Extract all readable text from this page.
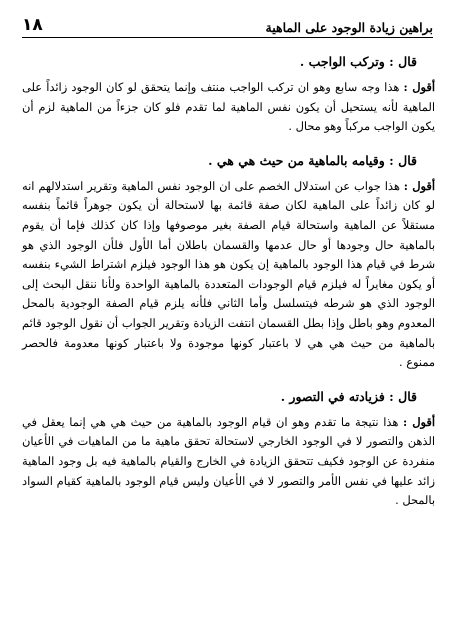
١٨	براهين زيادة الوجود على الماهية
قال : وتركب الواجب .

أقول : هذا وجه سابع وهو ان تركب الواجب منتف وإنما يتحقق لو كان الوجود زائداً على الماهية لأنه يستحيل أن يكون نفس الماهية لما تقدم فلو كان جزءاً من الماهية لزم أن يكون الواجب مركباً وهو محال .

قال : وقيامه بالماهية من حيث هي هي .

أقول : هذا جواب عن استدلال الخصم على ان الوجود نفس الماهية وتقرير استدلالهم انه لو كان زائداً على الماهية لكان صفة قائمة بها لاستحالة أن يكون جوهراً قائماً بنفسه مستقلاً عن الماهية واستحالة قيام الصفة بغير موصوفها وإذا كان كذلك فإما أن يقوم بالماهية حال وجودها أو حال عدمها والقسمان باطلان أما الأول فلأن الوجود الذي هو شرط في قيام هذا الوجود بالماهية إن يكون هو هذا الوجود فيلزم اشتراط الشيء بنفسه أو يكون مغايراً له فيلزم قيام الوجودات المتعددة بالماهية الواحدة ولأنا ننقل البحث إلى الوجود الذي هو شرطه فيتسلسل وأما الثاني فلأنه يلزم قيام الصفة الوجودية بالمحل المعدوم وهو باطل وإذا بطل القسمان انتفت الزيادة وتقرير الجواب أن نقول الوجود قائم بالماهية من حيث هي هي لا باعتبار كونها موجودة ولا باعتبار كونها معدومة فالحصر ممنوع .

قال : فزيادته في التصور .

أقول : هذا نتيجة ما تقدم وهو ان قيام الوجود بالماهية من حيث هي هي إنما يعقل في الذهن والتصور لا في الوجود الخارجي لاستحالة تحقق ماهية ما من الماهيات في الأعيان منفردة عن الوجود فكيف تتحقق الزيادة في الخارج والقيام بالماهية فيه بل وجود الماهية زائد عليها في نفس الأمر والتصور لا في الأعيان وليس قيام الوجود بالماهية كقيام السواد بالمحل .
